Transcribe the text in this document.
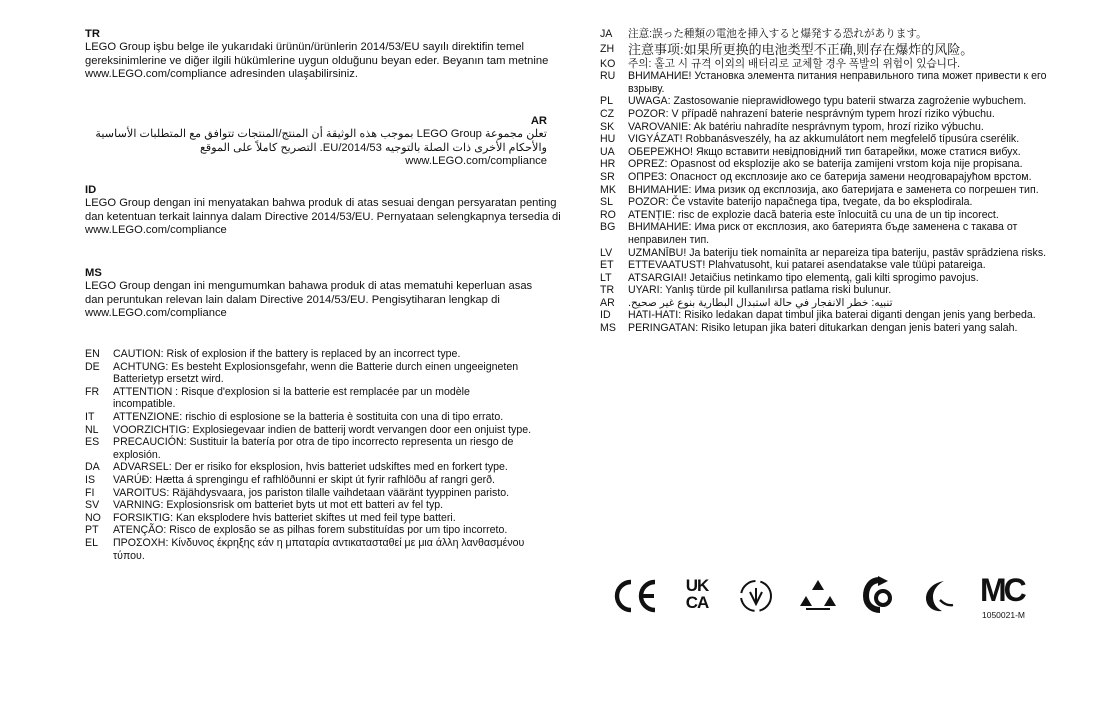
TR

LEGO Group işbu belge ile yukarıdaki ürünün/ürünlerin 2014/53/EU sayılı direktifin temel gereksinimlerine ve diğer ilgili hükümlerine uygun olduğunu beyan eder. Beyanın tam metnine www.LEGO.com/compliance adresinden ulaşabilirsiniz.

AR

تعلن مجموعة LEGO Group بموجب هذه الوثيقة أن المنتج/المنتجات تتوافق مع المتطلبات الأساسية والأحكام الأخرى ذات الصلة بالتوجيه EU/2014/53. التصريح كاملاً على الموقع www.LEGO.com/compliance

ID

LEGO Group dengan ini menyatakan bahwa produk di atas sesuai dengan persyaratan penting dan ketentuan terkait lainnya dalam Directive 2014/53/EU. Pernyataan selengkapnya tersedia di www.LEGO.com/compliance

MS

LEGO Group dengan ini mengumumkan bahawa produk di atas mematuhi keperluan asas dan peruntukan relevan lain dalam Directive 2014/53/EU. Pengisytiharan lengkap di www.LEGO.com/compliance

EN	CAUTION: Risk of explosion if the battery is replaced by an incorrect type.
DE	ACHTUNG: Es besteht Explosionsgefahr, wenn die Batterie durch einen ungeeigneten Batterietyp ersetzt wird.
FR	ATTENTION : Risque d'explosion si la batterie est remplacée par un modèle incompatible.
IT	ATTENZIONE: rischio di esplosione se la batteria è sostituita con una di tipo errato.
NL	VOORZICHTIG: Explosiegevaar indien de batterij wordt vervangen door een onjuist type.
ES	PRECAUCIÓN: Sustituir la batería por otra de tipo incorrecto representa un riesgo de explosión.
DA	ADVARSEL: Der er risiko for eksplosion, hvis batteriet udskiftes med en forkert type.
IS	VARÚÐ: Hætta á sprengingu ef rafhlöðunni er skipt út fyrir rafhlöðu af rangri gerð.
FI	VAROITUS: Räjähdysvaara, jos pariston tilalle vaihdetaan vääränt tyyppinen paristo.
SV	VARNING: Explosionsrisk om batteriet byts ut mot ett batteri av fel typ.
NO	FORSIKTIG: Kan eksplodere hvis batteriet skiftes ut med feil type batteri.
PT	ATENÇÃO: Risco de explosão se as pilhas forem substituídas por um tipo incorreto.
EL	ΠΡΟΣΟΧΗ: Κίνδυνος έκρηξης εάν η μπαταρία αντικατασταθεί με μια άλλη λανθασμένου τύπου.
JA	注意:誤った種類の電池を挿入すると爆発する恐れがあります。
ZH	注意事项:如果所更换的电池类型不正确,则存在爆炸的风险。
KO	주의: 홀고 시 규격 이외의 배터리로 교체할 경우 폭발의 위험이 있습니다.
RU	ВНИМАНИЕ! Установка элемента питания неправильного типа может привести к его взрыву.
PL	UWAGA: Zastosowanie nieprawidłowego typu baterii stwarza zagrożenie wybuchem.
CZ	POZOR: V případě nahrazení baterie nesprávným typem hrozí riziko výbuchu.
SK	VAROVANIE: Ak batériu nahradíte nesprávnym typom, hrozí riziko výbuchu.
HU	VIGYÁZAT! Robbanásveszély, ha az akkumulátort nem megfelelő típusúra cserélik.
UA	ОБЕРЕЖНО! Якщо вставити невідповідний тип батарейки, може статися вибух.
HR	OPREZ: Opasnost od eksplozije ako se baterija zamijeni vrstom koja nije propisana.
SR	ОПРЕЗ: Опасност од експлозије ако се батерија замени неодговарајућом врстом.
MK	ВНИМАНИЕ: Има ризик од експлозија, ако батеријата е заменета со погрешен тип.
SL	POZOR: Če vstavite baterijo napačnega tipa, tvegate, da bo eksplodirala.
RO	ATENȚIE: risc de explozie dacă bateria este înlocuită cu una de un tip incorect.
BG	ВНИМАНИЕ: Има риск от експлозия, ако батерията бъде заменена с такава от неправилен тип.
LV	UZMANĪBU! Ja bateriju tiek nomainīta ar nepareiza tipa bateriju, pastāv sprādziena risks.
ET	ETTEVAATUST! Plahvatusoht, kui patarei asendatakse vale tüüpi patareiga.
LT	ATSARGIAI! Jetaičius netinkamo tipo elementą, gali kilti sprogimo pavojus.
TR	UYARI: Yanlış türde pil kullanılırsa patlama riski bulunur.
AR	تنبيه: خطر الانفجار في حالة استبدال البطارية بنوع غير صحيح.
ID	HATI-HATI: Risiko ledakan dapat timbul jika baterai diganti dengan jenis yang berbeda.
MS	PERINGATAN: Risiko letupan jika bateri ditukarkan dengan jenis bateri yang salah.
UK
CA	MC
1050021-M
